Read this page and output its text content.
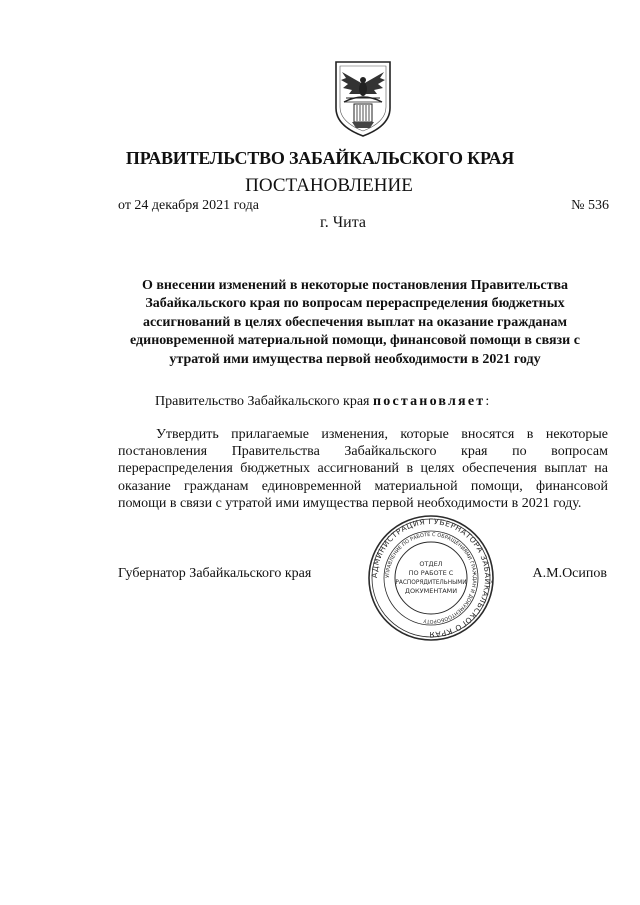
ПРАВИТЕЛЬСТВО ЗАБАЙКАЛЬСКОГО КРАЯ
ПОСТАНОВЛЕНИЕ
от 24 декабря 2021 года	№ 536
г. Чита
О внесении изменений в некоторые постановления Правительства Забайкальского края по вопросам перераспределения бюджетных ассигнований в целях обеспечения выплат на оказание гражданам единовременной материальной помощи, финансовой помощи в связи с утратой ими имущества первой необходимости в 2021 году
Правительство Забайкальского края постановляет:
Утвердить прилагаемые изменения, которые вносятся в некоторые постановления Правительства Забайкальского края по вопросам перераспределения бюджетных ассигнований в целях обеспечения выплат на оказание гражданам единовременной материальной помощи, финансовой помощи в связи с утратой ими имущества первой необходимости в 2021 году.
Губернатор Забайкальского края	А.М.Осипов
АДМИНИСТРАЦИЯ ГУБЕРНАТОРА ЗАБАЙКАЛЬСКОГО КРАЯ
УПРАВЛЕНИЕ ПО РАБОТЕ С ОБРАЩЕНИЯМИ ГРАЖДАН И ДОКУМЕНТООБОРОТУ
ОТДЕЛ
ПО РАБОТЕ С
РАСПОРЯДИТЕЛЬНЫМИ
ДОКУМЕНТАМИ
